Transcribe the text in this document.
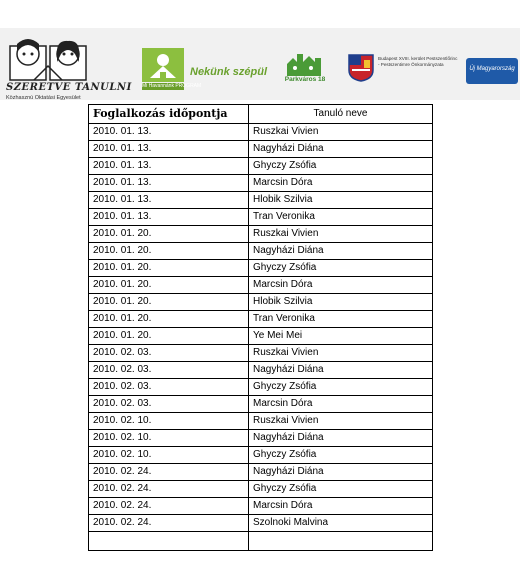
SZERETVE TANULNI
Közhasznú Oktatási Egyesület
Mi Havannánk PROGRAM
Nekünk szépül
Parkváros 18
Budapest XVIII. kerület Pestszentlőrinc - Pestszentimre Önkormányzata
Új Magyarország
Foglalkozás időpontja	Tanuló neve
2010. 01. 13.	Ruszkai Vivien
2010. 01. 13.	Nagyházi Diána
2010. 01. 13.	Ghyczy Zsófia
2010. 01. 13.	Marcsin Dóra
2010. 01. 13.	Hlobik Szilvia
2010. 01. 13.	Tran Veronika
2010. 01. 20.	Ruszkai Vivien
2010. 01. 20.	Nagyházi Diána
2010. 01. 20.	Ghyczy Zsófia
2010. 01. 20.	Marcsin Dóra
2010. 01. 20.	Hlobik Szilvia
2010. 01. 20.	Tran Veronika
2010. 01. 20.	Ye Mei Mei
2010. 02. 03.	Ruszkai Vivien
2010. 02. 03.	Nagyházi Diána
2010. 02. 03.	Ghyczy Zsófia
2010. 02. 03.	Marcsin Dóra
2010. 02. 10.	Ruszkai Vivien
2010. 02. 10.	Nagyházi Diána
2010. 02. 10.	Ghyczy Zsófia
2010. 02. 24.	Nagyházi Diána
2010. 02. 24.	Ghyczy Zsófia
2010. 02. 24.	Marcsin Dóra
2010. 02. 24.	Szolnoki Malvina
